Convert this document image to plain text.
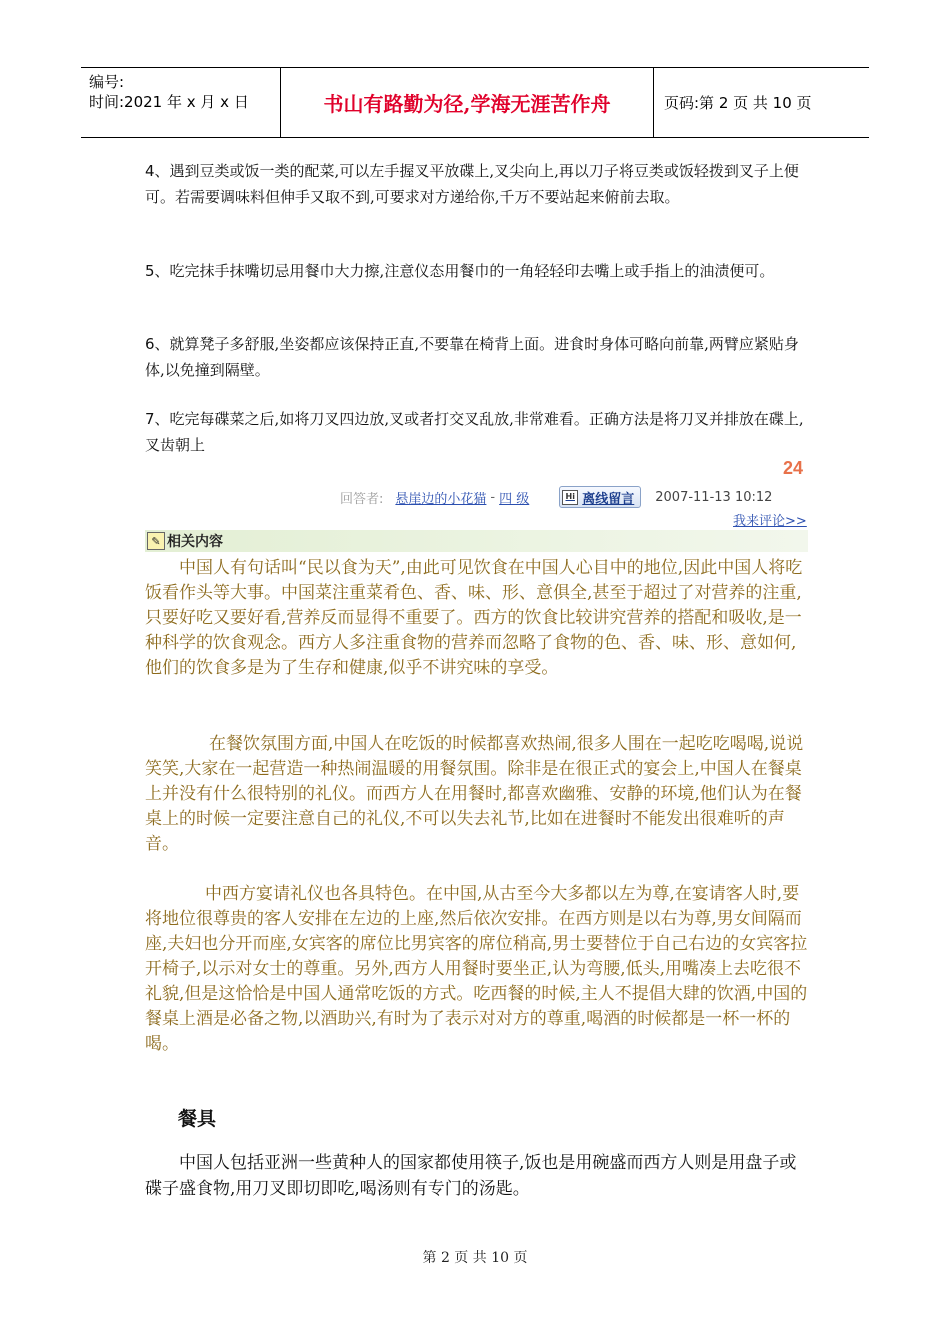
编号:
时间:2021 年 x 月 x 日	书山有路勤为径,学海无涯苦作舟	页码:第 2 页 共 10 页
4、遇到豆类或饭一类的配菜,可以左手握叉平放碟上,叉尖向上,再以刀子将豆类或饭轻拨到叉子上便可。若需要调味料但伸手又取不到,可要求对方递给你,千万不要站起来俯前去取。
5、吃完抹手抹嘴切忌用餐巾大力擦,注意仪态用餐巾的一角轻轻印去嘴上或手指上的油渍便可。
6、就算凳子多舒服,坐姿都应该保持正直,不要靠在椅背上面。进食时身体可略向前靠,两臂应紧贴身体,以免撞到隔壁。
7、吃完每碟菜之后,如将刀叉四边放,叉或者打交叉乱放,非常难看。正确方法是将刀叉并排放在碟上,叉齿朝上
24
回答者: 悬崖边的小花猫 - 四 级	Hi 离线留言 2007-11-13 10:12
我来评论>>
✎ 相关内容
中国人有句话叫“民以食为天”,由此可见饮食在中国人心目中的地位,因此中国人将吃饭看作头等大事。中国菜注重菜肴色、香、味、形、意俱全,甚至于超过了对营养的注重,只要好吃又要好看,营养反而显得不重要了。西方的饮食比较讲究营养的搭配和吸收,是一种科学的饮食观念。西方人多注重食物的营养而忽略了食物的色、香、味、形、意如何,他们的饮食多是为了生存和健康,似乎不讲究味的享受。
在餐饮氛围方面,中国人在吃饭的时候都喜欢热闹,很多人围在一起吃吃喝喝,说说笑笑,大家在一起营造一种热闹温暖的用餐氛围。除非是在很正式的宴会上,中国人在餐桌上并没有什么很特别的礼仪。而西方人在用餐时,都喜欢幽雅、安静的环境,他们认为在餐桌上的时候一定要注意自己的礼仪,不可以失去礼节,比如在进餐时不能发出很难听的声音。
中西方宴请礼仪也各具特色。在中国,从古至今大多都以左为尊,在宴请客人时,要将地位很尊贵的客人安排在左边的上座,然后依次安排。在西方则是以右为尊,男女间隔而座,夫妇也分开而座,女宾客的席位比男宾客的席位稍高,男士要替位于自己右边的女宾客拉开椅子,以示对女士的尊重。另外,西方人用餐时要坐正,认为弯腰,低头,用嘴凑上去吃很不礼貌,但是这恰恰是中国人通常吃饭的方式。吃西餐的时候,主人不提倡大肆的饮酒,中国的餐桌上酒是必备之物,以酒助兴,有时为了表示对对方的尊重,喝酒的时候都是一杯一杯的喝。
餐具
中国人包括亚洲一些黄种人的国家都使用筷子,饭也是用碗盛而西方人则是用盘子或碟子盛食物,用刀叉即切即吃,喝汤则有专门的汤匙。
第 2 页 共 10 页
